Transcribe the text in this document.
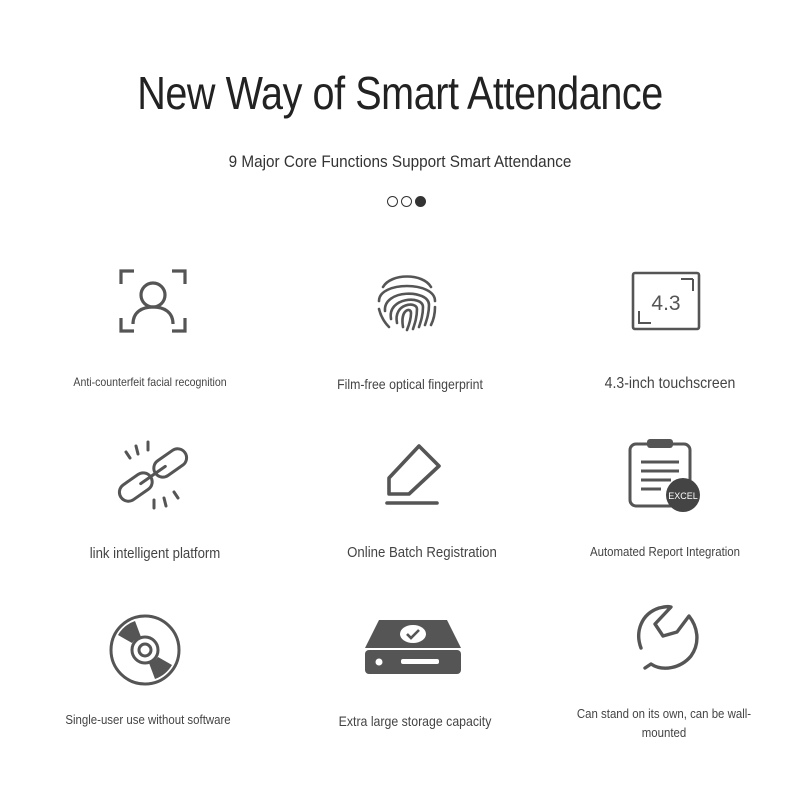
New Way of Smart Attendance
9 Major Core Functions Support Smart Attendance
Anti-counterfeit facial recognition	Film-free optical fingerprint
4.3
4.3-inch touchscreen
link intelligent platform	Online Batch Registration
EXCEL
Automated Report Integration
Single-user use without software	Extra large storage capacity	Can stand on its own, can be wall-mounted
